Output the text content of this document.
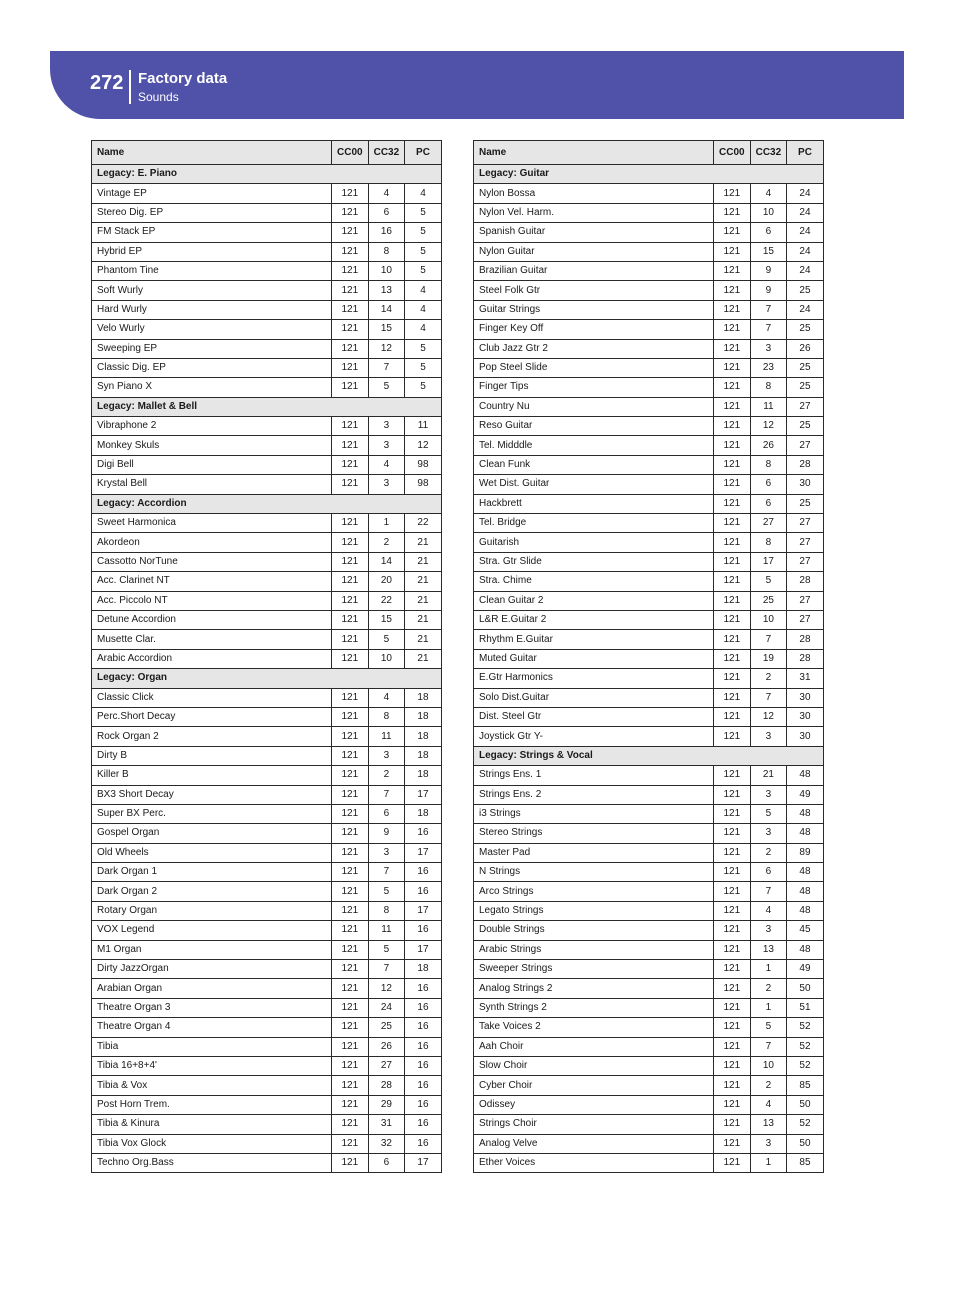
272 Factory data
Sounds
Name	CC00	CC32	PC
Legacy: E. Piano			
Vintage EP	121	4	4
Stereo Dig. EP	121	6	5
FM Stack EP	121	16	5
Hybrid EP	121	8	5
Phantom Tine	121	10	5
Soft Wurly	121	13	4
Hard Wurly	121	14	4
Velo Wurly	121	15	4
Sweeping EP	121	12	5
Classic Dig. EP	121	7	5
Syn Piano X	121	5	5
Legacy: Mallet & Bell			
Vibraphone 2	121	3	11
Monkey Skuls	121	3	12
Digi Bell	121	4	98
Krystal Bell	121	3	98
Legacy: Accordion			
Sweet Harmonica	121	1	22
Akordeon	121	2	21
Cassotto NorTune	121	14	21
Acc. Clarinet NT	121	20	21
Acc. Piccolo NT	121	22	21
Detune Accordion	121	15	21
Musette Clar.	121	5	21
Arabic Accordion	121	10	21
Legacy: Organ			
Classic Click	121	4	18
Perc.Short Decay	121	8	18
Rock Organ 2	121	11	18
Dirty B	121	3	18
Killer B	121	2	18
BX3 Short Decay	121	7	17
Super BX Perc.	121	6	18
Gospel Organ	121	9	16
Old Wheels	121	3	17
Dark Organ 1	121	7	16
Dark Organ 2	121	5	16
Rotary Organ	121	8	17
VOX Legend	121	11	16
M1 Organ	121	5	17
Dirty JazzOrgan	121	7	18
Arabian Organ	121	12	16
Theatre Organ 3	121	24	16
Theatre Organ 4	121	25	16
Tibia	121	26	16
Tibia 16+8+4'	121	27	16
Tibia & Vox	121	28	16
Post Horn Trem.	121	29	16
Tibia & Kinura	121	31	16
Tibia Vox Glock	121	32	16
Techno Org.Bass	121	6	17
Name	CC00	CC32	PC
Legacy: Guitar			
Nylon Bossa	121	4	24
Nylon Vel. Harm.	121	10	24
Spanish Guitar	121	6	24
Nylon Guitar	121	15	24
Brazilian Guitar	121	9	24
Steel Folk Gtr	121	9	25
Guitar Strings	121	7	24
Finger Key Off	121	7	25
Club Jazz Gtr 2	121	3	26
Pop Steel Slide	121	23	25
Finger Tips	121	8	25
Country Nu	121	11	27
Reso Guitar	121	12	25
Tel. Midddle	121	26	27
Clean Funk	121	8	28
Wet Dist. Guitar	121	6	30
Hackbrett	121	6	25
Tel. Bridge	121	27	27
Guitarish	121	8	27
Stra. Gtr Slide	121	17	27
Stra. Chime	121	5	28
Clean Guitar 2	121	25	27
L&R E.Guitar 2	121	10	27
Rhythm E.Guitar	121	7	28
Muted Guitar	121	19	28
E.Gtr Harmonics	121	2	31
Solo Dist.Guitar	121	7	30
Dist. Steel Gtr	121	12	30
Joystick Gtr Y-	121	3	30
Legacy: Strings & Vocal			
Strings Ens. 1	121	21	48
Strings Ens. 2	121	3	49
i3 Strings	121	5	48
Stereo Strings	121	3	48
Master Pad	121	2	89
N Strings	121	6	48
Arco Strings	121	7	48
Legato Strings	121	4	48
Double Strings	121	3	45
Arabic Strings	121	13	48
Sweeper Strings	121	1	49
Analog Strings 2	121	2	50
Synth Strings 2	121	1	51
Take Voices 2	121	5	52
Aah Choir	121	7	52
Slow Choir	121	10	52
Cyber Choir	121	2	85
Odissey	121	4	50
Strings Choir	121	13	52
Analog Velve	121	3	50
Ether Voices	121	1	85
